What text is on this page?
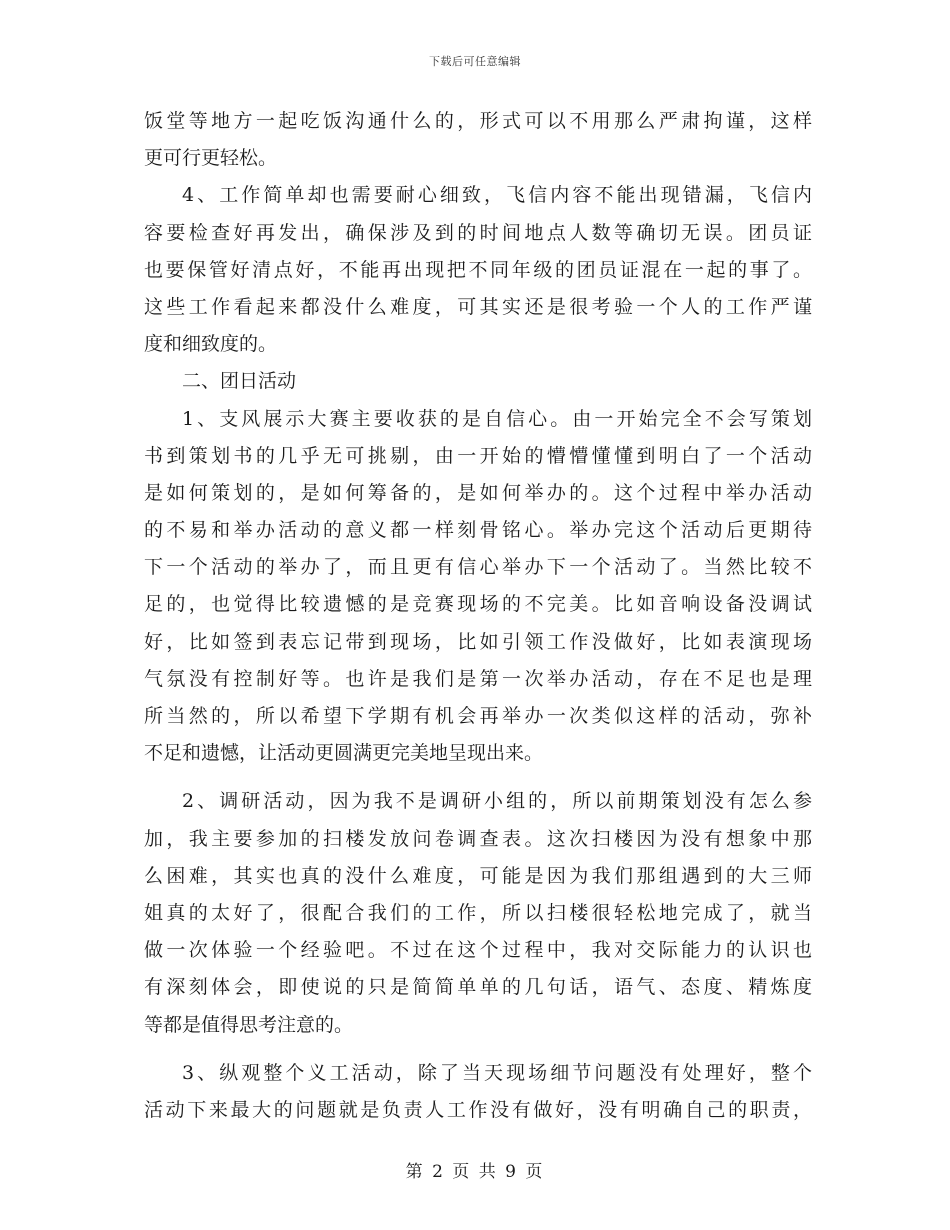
下载后可任意编辑
饭堂等地方一起吃饭沟通什么的，形式可以不用那么严肃拘谨，这样
更可行更轻松。
4、工作简单却也需要耐心细致，飞信内容不能出现错漏，飞信内
容要检查好再发出，确保涉及到的时间地点人数等确切无误。团员证
也要保管好清点好，不能再出现把不同年级的团员证混在一起的事了。
这些工作看起来都没什么难度，可其实还是很考验一个人的工作严谨
度和细致度的。
二、团日活动
1、支风展示大赛主要收获的是自信心。由一开始完全不会写策划
书到策划书的几乎无可挑剔，由一开始的懵懵懂懂到明白了一个活动
是如何策划的，是如何筹备的，是如何举办的。这个过程中举办活动
的不易和举办活动的意义都一样刻骨铭心。举办完这个活动后更期待
下一个活动的举办了，而且更有信心举办下一个活动了。当然比较不
足的，也觉得比较遗憾的是竞赛现场的不完美。比如音响设备没调试
好，比如签到表忘记带到现场，比如引领工作没做好，比如表演现场
气氛没有控制好等。也许是我们是第一次举办活动，存在不足也是理
所当然的，所以希望下学期有机会再举办一次类似这样的活动，弥补
不足和遗憾，让活动更圆满更完美地呈现出来。
2、调研活动，因为我不是调研小组的，所以前期策划没有怎么参
加，我主要参加的扫楼发放问卷调查表。这次扫楼因为没有想象中那
么困难，其实也真的没什么难度，可能是因为我们那组遇到的大三师
姐真的太好了，很配合我们的工作，所以扫楼很轻松地完成了，就当
做一次体验一个经验吧。不过在这个过程中，我对交际能力的认识也
有深刻体会，即使说的只是简简单单的几句话，语气、态度、精炼度
等都是值得思考注意的。
3、纵观整个义工活动，除了当天现场细节问题没有处理好，整个
活动下来最大的问题就是负责人工作没有做好，没有明确自己的职责，
第 2 页 共 9 页
